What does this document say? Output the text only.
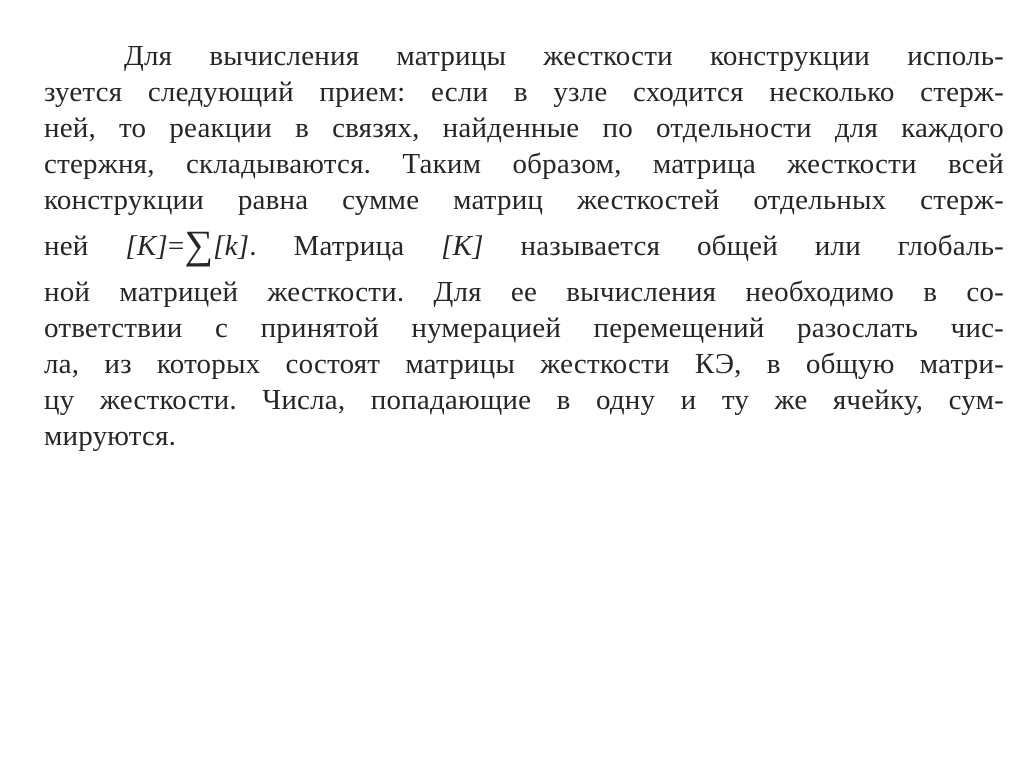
Для вычисления матрицы жесткости конструкции исполь-
зуется следующий прием: если в узле сходится несколько стерж-
ней, то реакции в связях, найденные по отдельности для каждого
стержня, складываются. Таким образом, матрица жесткости всей
конструкции равна сумме матриц жесткостей отдельных стерж-
ней [K]=∑[k]. Матрица [K] называется общей или глобаль-
ной матрицей жесткости. Для ее вычисления необходимо в со-
ответствии с принятой нумерацией перемещений разослать чис-
ла, из которых состоят матрицы жесткости КЭ, в общую матри-
цу жесткости. Числа, попадающие в одну и ту же ячейку, сум-
мируются.
